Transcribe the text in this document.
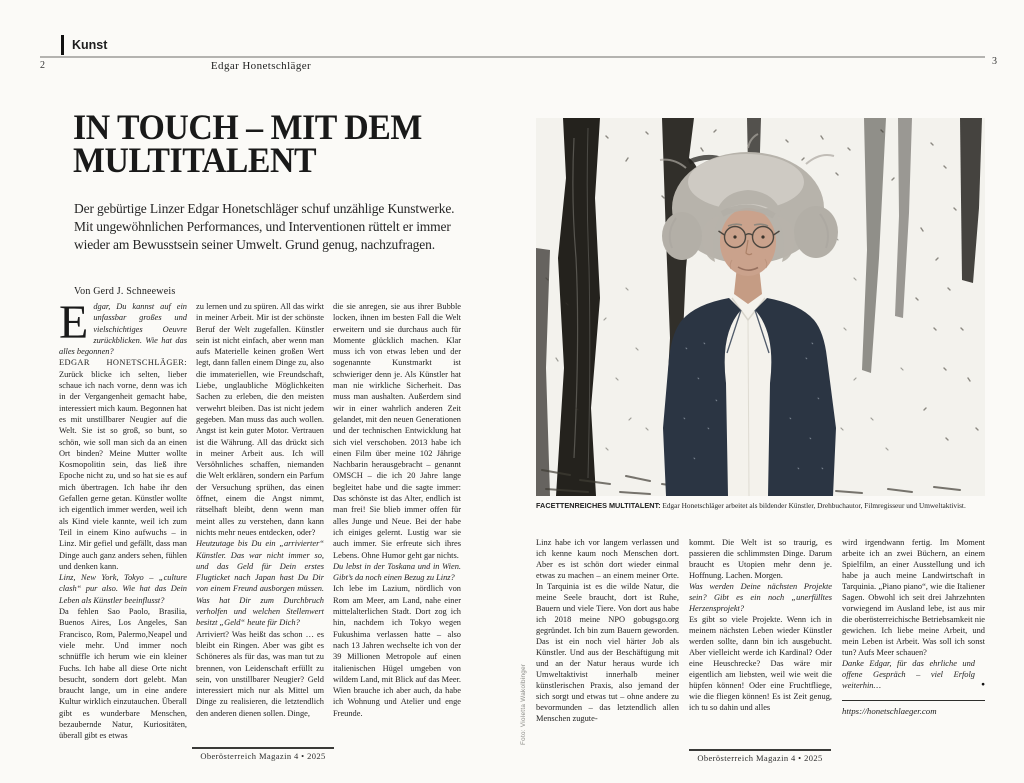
Kunst
2	Edgar Honetschläger	3
IN TOUCH – MIT DEM
MULTITALENT

Der gebürtige Linzer Edgar Honetschläger schuf unzählige Kunstwerke. Mit ungewöhnlichen Performances, und Interventionen rüttelt er immer wieder am Bewusstsein seiner Umwelt. Grund genug, nachzufragen.

Von Gerd J. Schneeweis

Edgar, Du kannst auf ein unfassbar großes und vielschichtiges Oeuvre zurückblicken. Wie hat das alles begonnen?

EDGAR HONETSCHLÄGER: Zurück blicke ich selten, lieber schaue ich nach vorne, denn was ich in der Vergangenheit gemacht habe, interessiert mich kaum. Begonnen hat es mit unstillbarer Neugier auf die Welt. Sie ist so groß, so bunt, so schön, wie soll man sich da an einen Ort binden? Meine Mutter wollte Kosmopolitin sein, das ließ ihre Epoche nicht zu, und so hat sie es auf mich übertragen. Ich habe ihr den Gefallen gerne getan. Künstler wollte ich eigentlich immer werden, weil ich als Kind viele kannte, weil ich zum Teil in einem Kino aufwuchs – in Linz. Mir gefiel und gefällt, dass man Dinge auch ganz anders sehen, fühlen und denken kann.

Linz, New York, Tokyo – „culture clash“ pur also. Wie hat das Dein Leben als Künstler beeinflusst?

Da fehlen Sao Paolo, Brasilia, Buenos Aires, Los Angeles, San Francisco, Rom, Palermo,Neapel und viele mehr. Und immer noch schnüffle ich herum wie ein kleiner Fuchs. Ich habe all diese Orte nicht besucht, sondern dort gelebt. Man braucht lange, um in eine andere Kultur wirklich einzutauchen. Überall gibt es wunderbare Menschen, bezaubernde Natur, Kuriositäten, überall gibt es etwas

zu lernen und zu spüren. All das wirkt in meiner Arbeit. Mir ist der schönste Beruf der Welt zugefallen. Künstler sein ist nicht einfach, aber wenn man aufs Materielle keinen großen Wert legt, dann fallen einem Dinge zu, also die immateriellen, wie Freundschaft, Liebe, unglaubliche Möglichkeiten Sachen zu erleben, die den meisten verwehrt bleiben. Das ist nicht jedem gegeben. Man muss das auch wollen. Angst ist kein guter Motor. Vertrauen ist die Währung. All das drückt sich in meiner Arbeit aus. Ich will Versöhnliches schaffen, niemanden die Welt erklären, sondern ein Parfum der Versuchung sprühen, das einen öffnet, einem die Angst nimmt, rätselhaft bleibt, denn wenn man meint alles zu verstehen, dann kann nichts mehr neues entdecken, oder?

Heutzutage bis Du ein „arrivierter“ Künstler. Das war nicht immer so, und das Geld für Dein erstes Flugticket nach Japan hast Du Dir von einem Freund ausborgen müssen. Was hat Dir zum Durchbruch verholfen und welchen Stellenwert besitzt „Geld“ heute für Dich?

Arriviert? Was heißt das schon … es bleibt ein Ringen. Aber was gibt es Schöneres als für das, was man tut zu brennen, von Leidenschaft erfüllt zu sein, von unstillbarer Neugier? Geld interessiert mich nur als Mittel um Dinge zu realisieren, die letztendlich den anderen dienen sollen. Dinge,

die sie anregen, sie aus ihrer Bubble locken, ihnen im besten Fall die Welt erweitern und sie durchaus auch für Momente glücklich machen. Klar muss ich von etwas leben und der sogenannte Kunstmarkt ist schwieriger denn je. Als Künstler hat man nie wirkliche Sicherheit. Das muss man aushalten. Außerdem sind wir in einer wahrlich anderen Zeit gelandet, mit den neuen Generationen und der technischen Entwicklung hat sich viel verschoben. 2013 habe ich einen Film über meine 102 Jährige Nachbarin herausgebracht – genannt OMSCH – die ich 20 Jahre lange begleitet habe und die sagte immer: Das schönste ist das Alter, endlich ist man frei! Sie blieb immer offen für alles Junge und Neue. Bei der habe ich einiges gelernt. Lustig war sie auch immer. Sie erfreute sich ihres Lebens. Ohne Humor geht gar nichts.

Du lebst in der Toskana und in Wien. Gibt’s da noch einen Bezug zu Linz?

Ich lebe im Lazium, nördlich von Rom am Meer, am Land, nahe einer mittelalterlichen Stadt. Dort zog ich hin, nachdem ich Tokyo wegen Fukushima verlassen hatte – also nach 13 Jahren wechselte ich von der 39 Millionen Metropole auf einen italienischen Hügel umgeben von wildem Land, mit Blick auf das Meer. Wien brauche ich aber auch, da habe ich Wohnung und Atelier und enge Freunde.

Oberösterreich Magazin 4 • 2025
Foto: Violetta Wakolbinger

FACETTENREICHES MULTITALENT: Edgar Honetschläger arbeitet als bildender Künstler, Drehbuchautor, Filmregisseur und Umweltaktivist.

Linz habe ich vor langem verlassen und ich kenne kaum noch Menschen dort. Aber es ist schön dort wieder einmal etwas zu machen – an einem meiner Orte. In Tarquinia ist es die wilde Natur, die meine Seele braucht, dort ist Ruhe, Bauern und viele Tiere. Von dort aus habe ich 2018 meine NPO gobugsgo.org gegründet. Ich bin zum Bauern geworden. Das ist ein noch viel härter Job als Künstler. Und aus der Beschäftigung mit und an der Natur heraus wurde ich Umweltaktivist innerhalb meiner künstlerischen Praxis, also jemand der sich sorgt und etwas tut – ohne andere zu bevormunden – das letztendlich allen Menschen zugute-

kommt. Die Welt ist so traurig, es passieren die schlimmsten Dinge. Darum braucht es Utopien mehr denn je. Hoffnung. Lachen. Morgen.

Was werden Deine nächsten Projekte sein? Gibt es ein noch „unerfülltes Herzensprojekt?

Es gibt so viele Projekte. Wenn ich in meinem nächsten Leben wieder Künstler werden sollte, dann bin ich ausgebucht. Aber vielleicht werde ich Kardinal? Oder eine Heuschrecke? Das wäre mir eigentlich am liebsten, weil wie weit die hüpfen können! Oder eine Fruchtfliege, wie die fliegen können! Es ist Zeit genug, ich tu so dahin und alles

wird irgendwann fertig. Im Moment arbeite ich an zwei Büchern, an einem Spielfilm, an einer Ausstellung und ich habe ja auch meine Landwirtschaft in Tarquinia. „Piano piano“, wie die Italiener Sagen. Obwohl ich seit drei Jahrzehnten vorwiegend im Ausland lebe, ist aus mir die oberösterreichische Betriebsamkeit nie gewichen. Ich liebe meine Arbeit, und mein Leben ist Arbeit. Was soll ich sonst tun? Aufs Meer schauen?

Danke Edgar, für das ehrliche und offene Gespräch – viel Erfolg weiterhin…	●

https://honetschlaeger.com

Oberösterreich Magazin 4 • 2025
